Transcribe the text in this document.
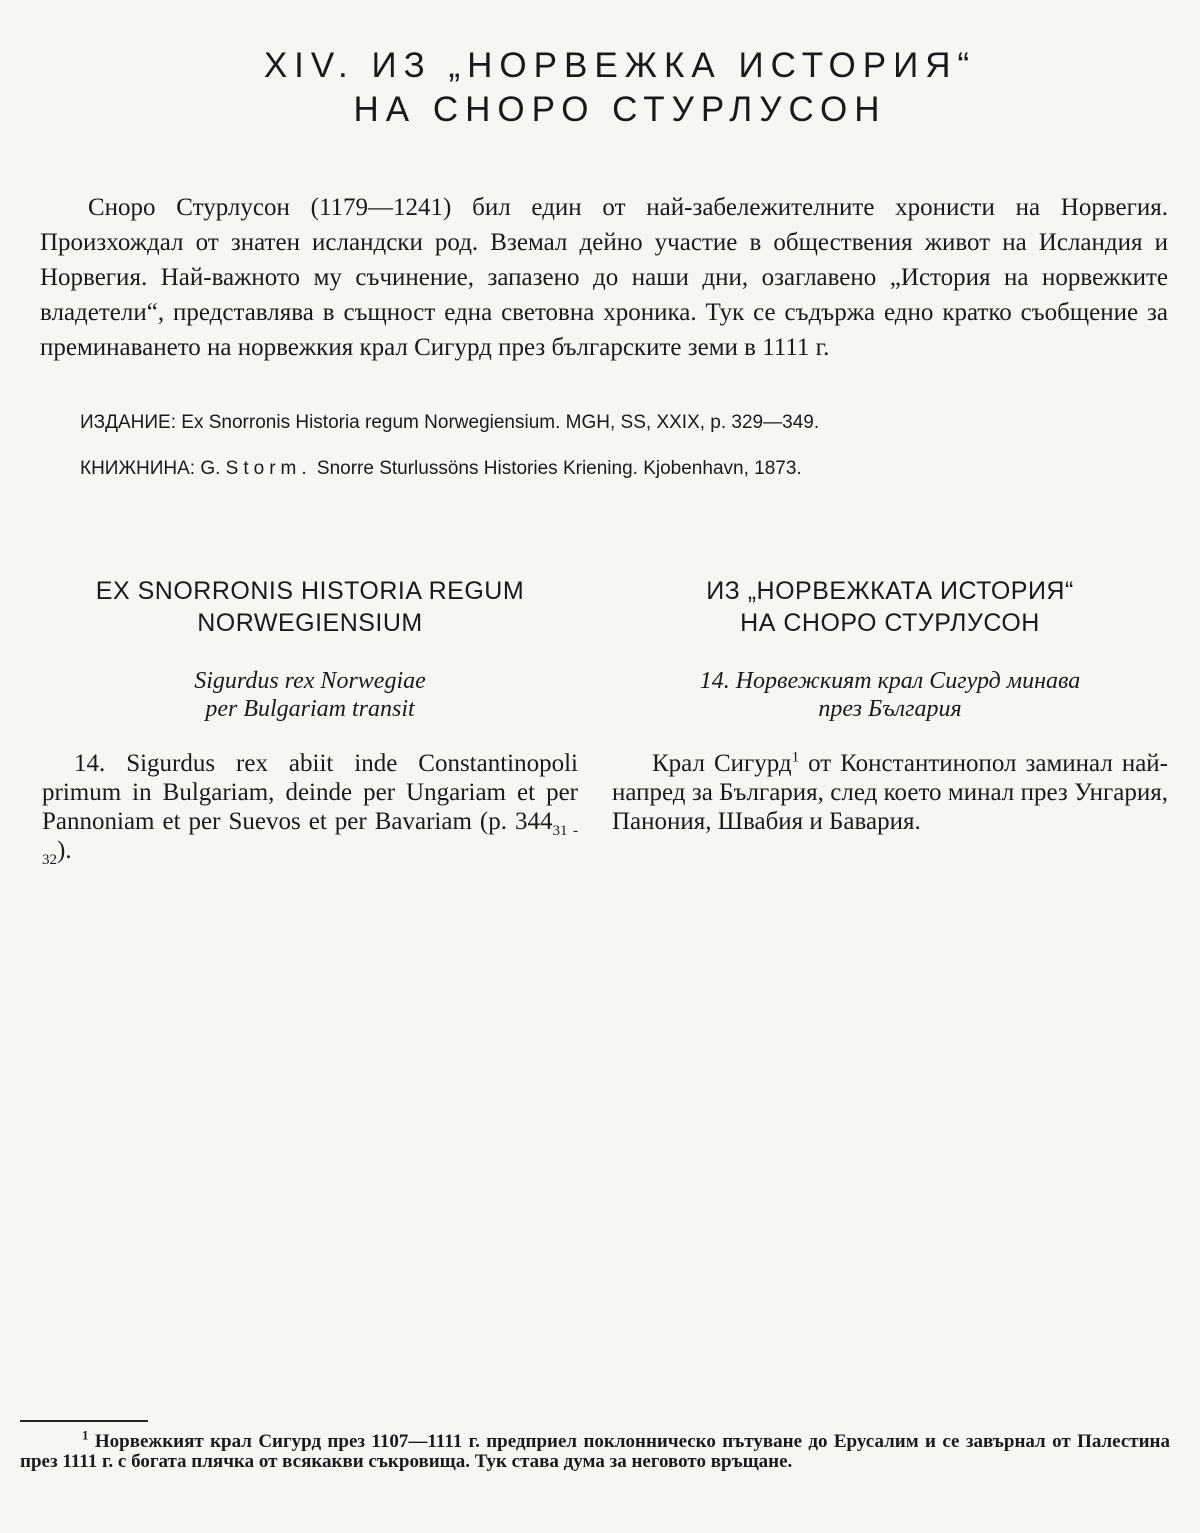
XIV. ИЗ „НОРВЕЖКА ИСТОРИЯ“
НА СНОРО СТУРЛУСОН

Сноро Стурлусон (1179—1241) бил един от най-забележителните хронисти на Норвегия. Произхождал от знатен исландски род. Вземал дейно участие в обществения живот на Исландия и Норвегия. Най-важното му съчинение, запазено до наши дни, озаглавено „История на норвежките владетели“, представлява в същност една световна хроника. Тук се съдържа едно кратко съобщение за преминаването на норвежкия крал Сигурд през българските земи в 1111 г.

ИЗДАНИЕ: Ex Snorronis Historia regum Norwegiensium. MGH, SS, XXIX, p. 329—349.
КНИЖНИНА: G. Storm. Snorre Sturlussöns Histories Kriening. Kjobenhavn, 1873.
EX SNORRONIS HISTORIA REGUM
NORWEGIENSIUM
Sigurdus rex Norwegiae
per Bulgariam transit
14. Sigurdus rex abiit inde Constantinopoli primum in Bulgariam, deinde per Ungariam et per Pannoniam et per Suevos et per Bavariam (p. $344_{31 - 32}$).
ИЗ „НОРВЕЖКАТА ИСТОРИЯ“
НА СНОРО СТУРЛУСОН
14. Норвежкият крал Сигурд минава
през България
Крал Сигурд$^1$ от Константинопол заминал най-напред за България, след което минал през Унгария, Панония, Швабия и Бавария.
$^1$ Норвежкият крал Сигурд през 1107—1111 г. предприел поклонническо пътуване до Ерусалим и се завърнал от Палестина през 1111 г. с богата плячка от всякакви съкровища. Тук става дума за неговото връщане.
